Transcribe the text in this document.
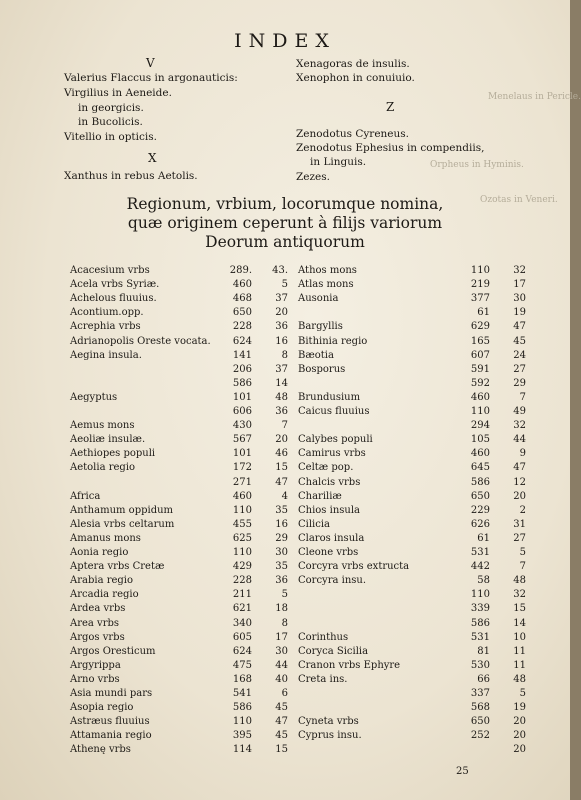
Menelaus in Pericle.
Ozotas in Veneri.
Orpheus in Hyminis.
INDEX
V
Valerius Flaccus in argonauticis:
Virgilius in Aeneide.
in georgicis.
in Bucolicis.
Vitellio in opticis.
X
Xanthus in rebus Aetolis.
Xenagoras de insulis.
Xenophon in conuiuio.
Z
Zenodotus Cyreneus.
Zenodotus Ephesius in compendiis,
in Linguis.
Zezes.
Regionum, vrbium, locorumque nomina,
quæ originem ceperunt à filijs variorum
Deorum antiquorum
Acacesium vrbs	289.	43.
Acela vrbs Syriæ.	460	5
Achelous fluuius.	468	37
Acontium.opp.	650	20
Acrephia vrbs	228	36
Adrianopolis Oreste vocata.	624	16
Aegina insula.	141	8
206	37
586	14
Aegyptus	101	48
606	36
Aemus mons	430	7
Aeoliæ insulæ.	567	20
Aethiopes populi	101	46
Aetolia regio	172	15
271	47
Africa	460	4
Anthamum oppidum	110	35
Alesia vrbs celtarum	455	16
Amanus mons	625	29
Aonia regio	110	30
Aptera vrbs Cretæ	429	35
Arabia regio	228	36
Arcadia regio	211	5
Ardea vrbs	621	18
Area vrbs	340	8
Argos vrbs	605	17
Argos Oresticum	624	30
Argyrippa	475	44
Arno vrbs	168	40
Asia mundi pars	541	6
Asopia regio	586	45
Astræus fluuius	110	47
Attamania regio	395	45
Athenę vrbs	114	15
Athos mons	110	32
Atlas mons	219	17
Ausonia	377	30
61	19
Bargyllis	629	47
Bithinia regio	165	45
Bæotia	607	24
Bosporus	591	27
592	29
Brundusium	460	7
Caicus fluuius	110	49
294	32
Calybes populi	105	44
Camirus vrbs	460	9
Celtæ pop.	645	47
Chalcis vrbs	586	12
Chariliæ	650	20
Chios insula	229	2
Cilicia	626	31
Claros insula	61	27
Cleone vrbs	531	5
Corcyra vrbs extructa	442	7
Corcyra insu.	58	48
110	32
339	15
586	14
Corinthus	531	10
Coryca Sicilia	81	11
Cranon vrbs Ephyre	530	11
Creta ins.	66	48
337	5
568	19
Cyneta vrbs	650	20
Cyprus insu.	252	20
20
25
